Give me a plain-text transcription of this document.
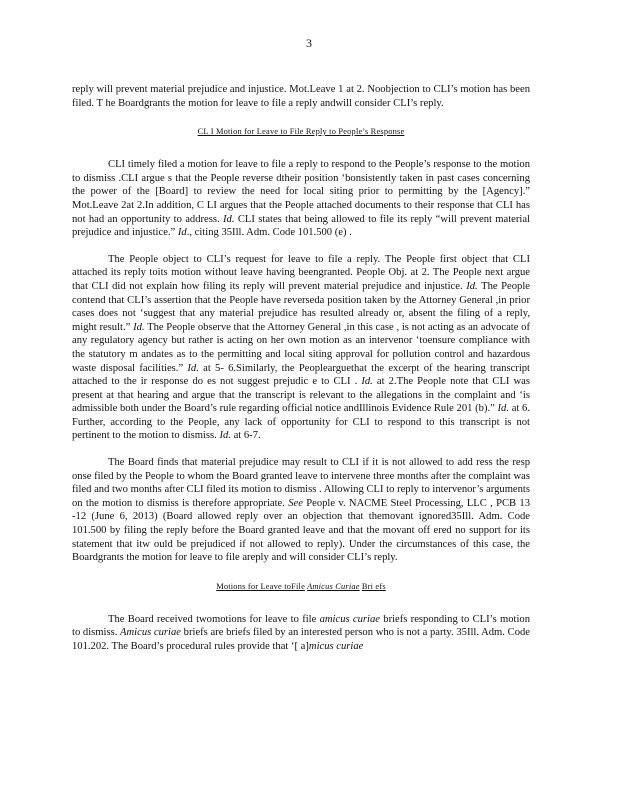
3

reply will prevent material prejudice and injustice. Mot.Leave 1 at 2. Noobjection to CLI’s motion has been filed. T he Boardgrants the motion for leave to file a reply andwill consider CLI’s reply.

CL I Motion for Leave to File Reply to People’s Response

CLI timely filed a motion for leave to file a reply to respond to the People’s response to the motion to dismiss .CLI argue s that the People reverse dtheir position ‘bonsistently taken in past cases concerning the power of the [Board] to review the need for local siting prior to permitting by the [Agency].” Mot.Leave 2at 2.In addition, C LI argues that the People attached documents to their response that CLI has not had an opportunity to address. Id. CLI states that being allowed to file its reply “will prevent material prejudice and injustice.” Id., citing 35Ill. Adm. Code 101.500 (e) .

The People object to CLI’s request for leave to file a reply. The People first object that CLI attached its reply toits motion without leave having beengranted. People Obj. at 2. The People next argue that CLI did not explain how filing its reply will prevent material prejudice and injustice. Id. The People contend that CLI’s assertion that the People have reverseda position taken by the Attorney General ,in prior cases does not ‘suggest that any material prejudice has resulted already or, absent the filing of a reply, might result.” Id. The People observe that the Attorney General ,in this case , is not acting as an advocate of any regulatory agency but rather is acting on her own motion as an intervenor ‘toensure compliance with the statutory m andates as to the permitting and local siting approval for pollution control and hazardous waste disposal facilities.” Id. at 5- 6.Similarly, the Peoplearguethat the excerpt of the hearing transcript attached to the ir response do es not suggest prejudic e to CLI . Id. at 2.The People note that CLI was present at that hearing and argue that the transcript is relevant to the allegations in the complaint and ‘is admissible both under the Board’s rule regarding official notice andIllinois Evidence Rule 201 (b).” Id. at 6. Further, according to the People, any lack of opportunity for CLI to respond to this transcript is not pertinent to the motion to dismiss. Id. at 6-7.

The Board finds that material prejudice may result to CLI if it is not allowed to add ress the resp onse filed by the People to whom the Board granted leave to intervene three months after the complaint was filed and two months after CLI filed its motion to dismiss . Allowing CLI to reply to intervenor’s arguments on the motion to dismiss is therefore appropriate. See People v. NACME Steel Processing, LLC , PCB 13 -12 (June 6, 2013) (Board allowed reply over an objection that themovant ignored35Ill. Adm. Code 101.500 by filing the reply before the Board granted leave and that the movant off ered no support for its statement that itw ould be prejudiced if not allowed to reply). Under the circumstances of this case, the Boardgrants the motion for leave to file areply and will consider CLI’s reply.

Motions for Leave toFile Amicus Curiae Bri efs

The Board received twomotions for leave to file amicus curiae briefs responding to CLI’s motion to dismiss. Amicus curiae briefs are briefs filed by an interested person who is not a party. 35Ill. Adm. Code 101.202. The Board’s procedural rules provide that ‘[ a]micus curiae
